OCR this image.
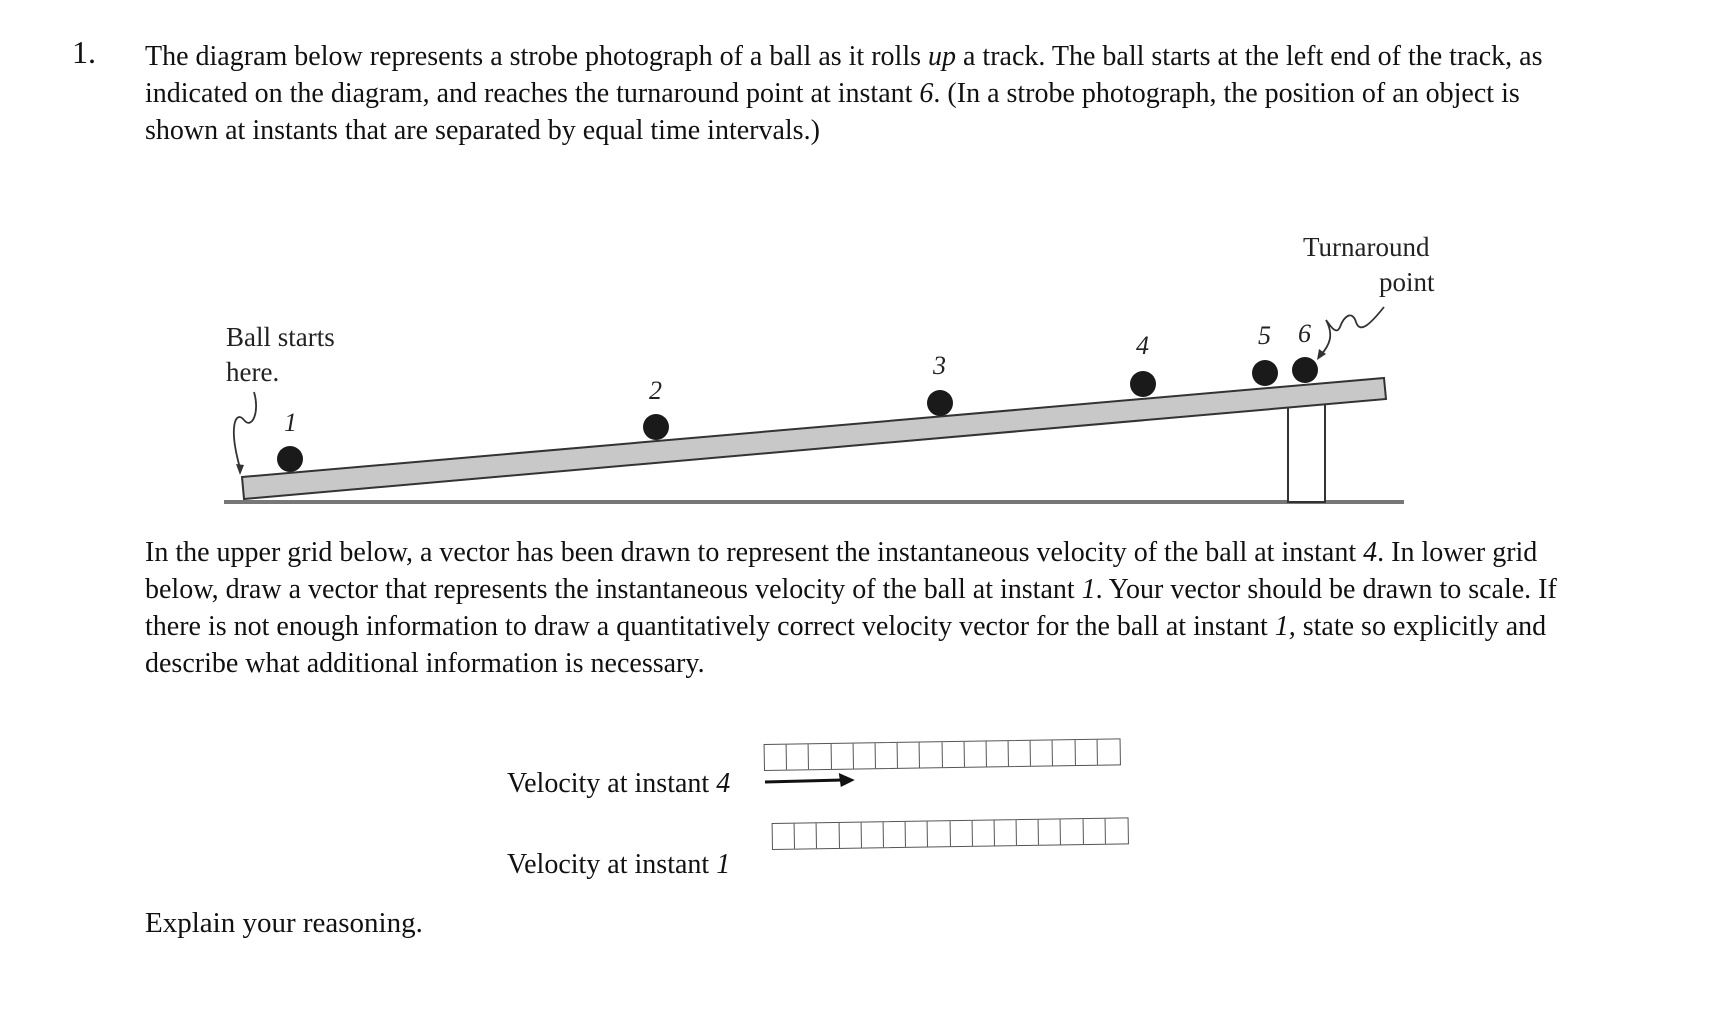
1. The diagram below represents a strobe photograph of a ball as it rolls up a track. The ball starts at the left end of the track, as indicated on the diagram, and reaches the turnaround point at instant 6. (In a strobe photograph, the position of an object is shown at instants that are separated by equal time intervals.)
1
2
3
4	5 6
Ball starts
here.
Turnaround
point
In the upper grid below, a vector has been drawn to represent the instantaneous velocity of the ball at instant 4. In lower grid below, draw a vector that represents the instantaneous velocity of the ball at instant 1. Your vector should be drawn to scale. If there is not enough information to draw a quantitatively correct velocity vector for the ball at instant 1, state so explicitly and describe what additional information is necessary.
Velocity at instant 4
Velocity at instant 1
Explain your reasoning.
